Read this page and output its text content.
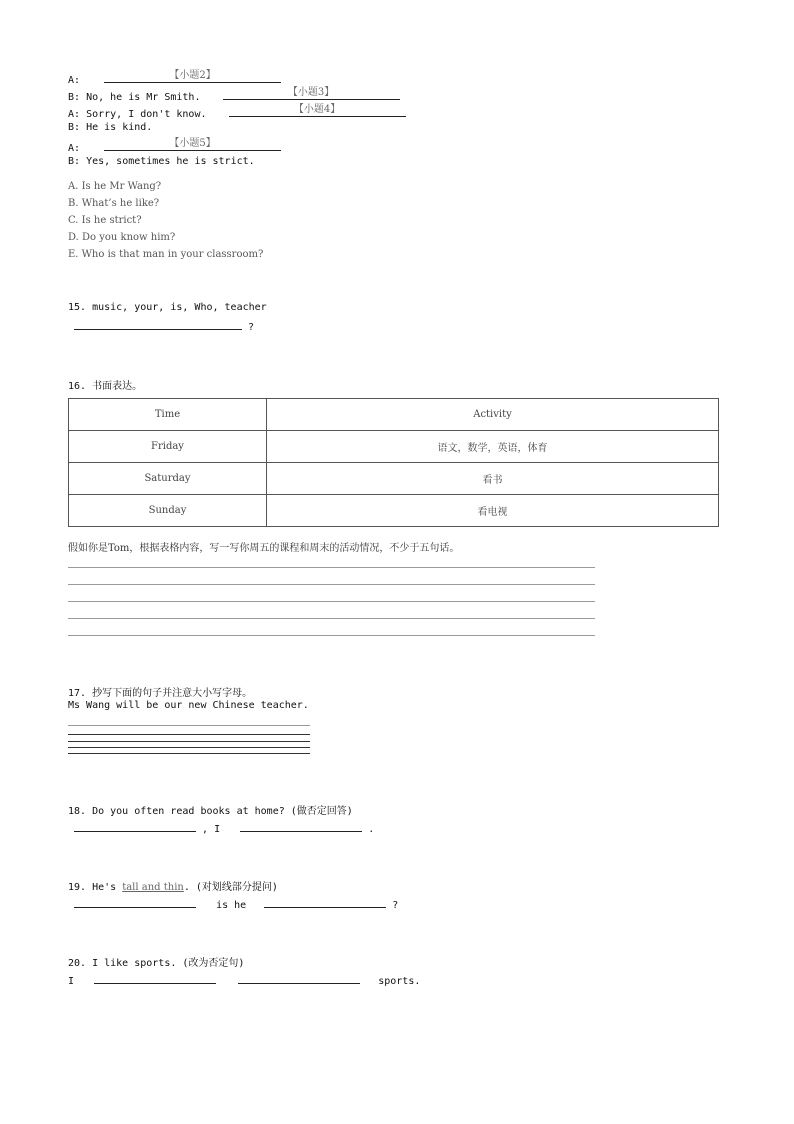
A:	【小题2】
B: No, he is Mr Smith.	【小题3】
A: Sorry, I don't know.	【小题4】
B: He is kind.
A:	【小题5】
B: Yes, sometimes he is strict.
A. Is he Mr Wang?
B. What’s he like?
C. Is he strict?
D. Do you know him?
E. Who is that man in your classroom?
15. music, your, is, Who, teacher
?
16. 书面表达。
Time	Activity
Friday	语文，数学，英语，体育
Saturday	看书
Sunday	看电视
假如你是Tom，根据表格内容，写一写你周五的课程和周末的活动情况，不少于五句话。
17. 抄写下面的句子并注意大小写字母。
Ms Wang will be our new Chinese teacher.
18. Do you often read books at home? (做否定回答)
, I	.
19. He's tall and thin. (对划线部分提问)
is he	?
20. I like sports. (改为否定句)
I	sports.
